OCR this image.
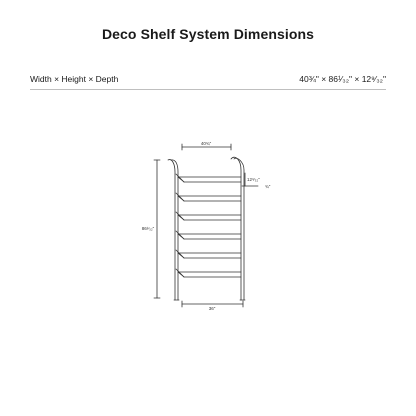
Deco Shelf System Dimensions
Width × Height × Depth	40¾" × 86¹⁄₃₂" × 12⁹⁄₃₂"
40¾"
86¹⁄₃₂"
36"
12⁹⁄₃₂"
¾"
